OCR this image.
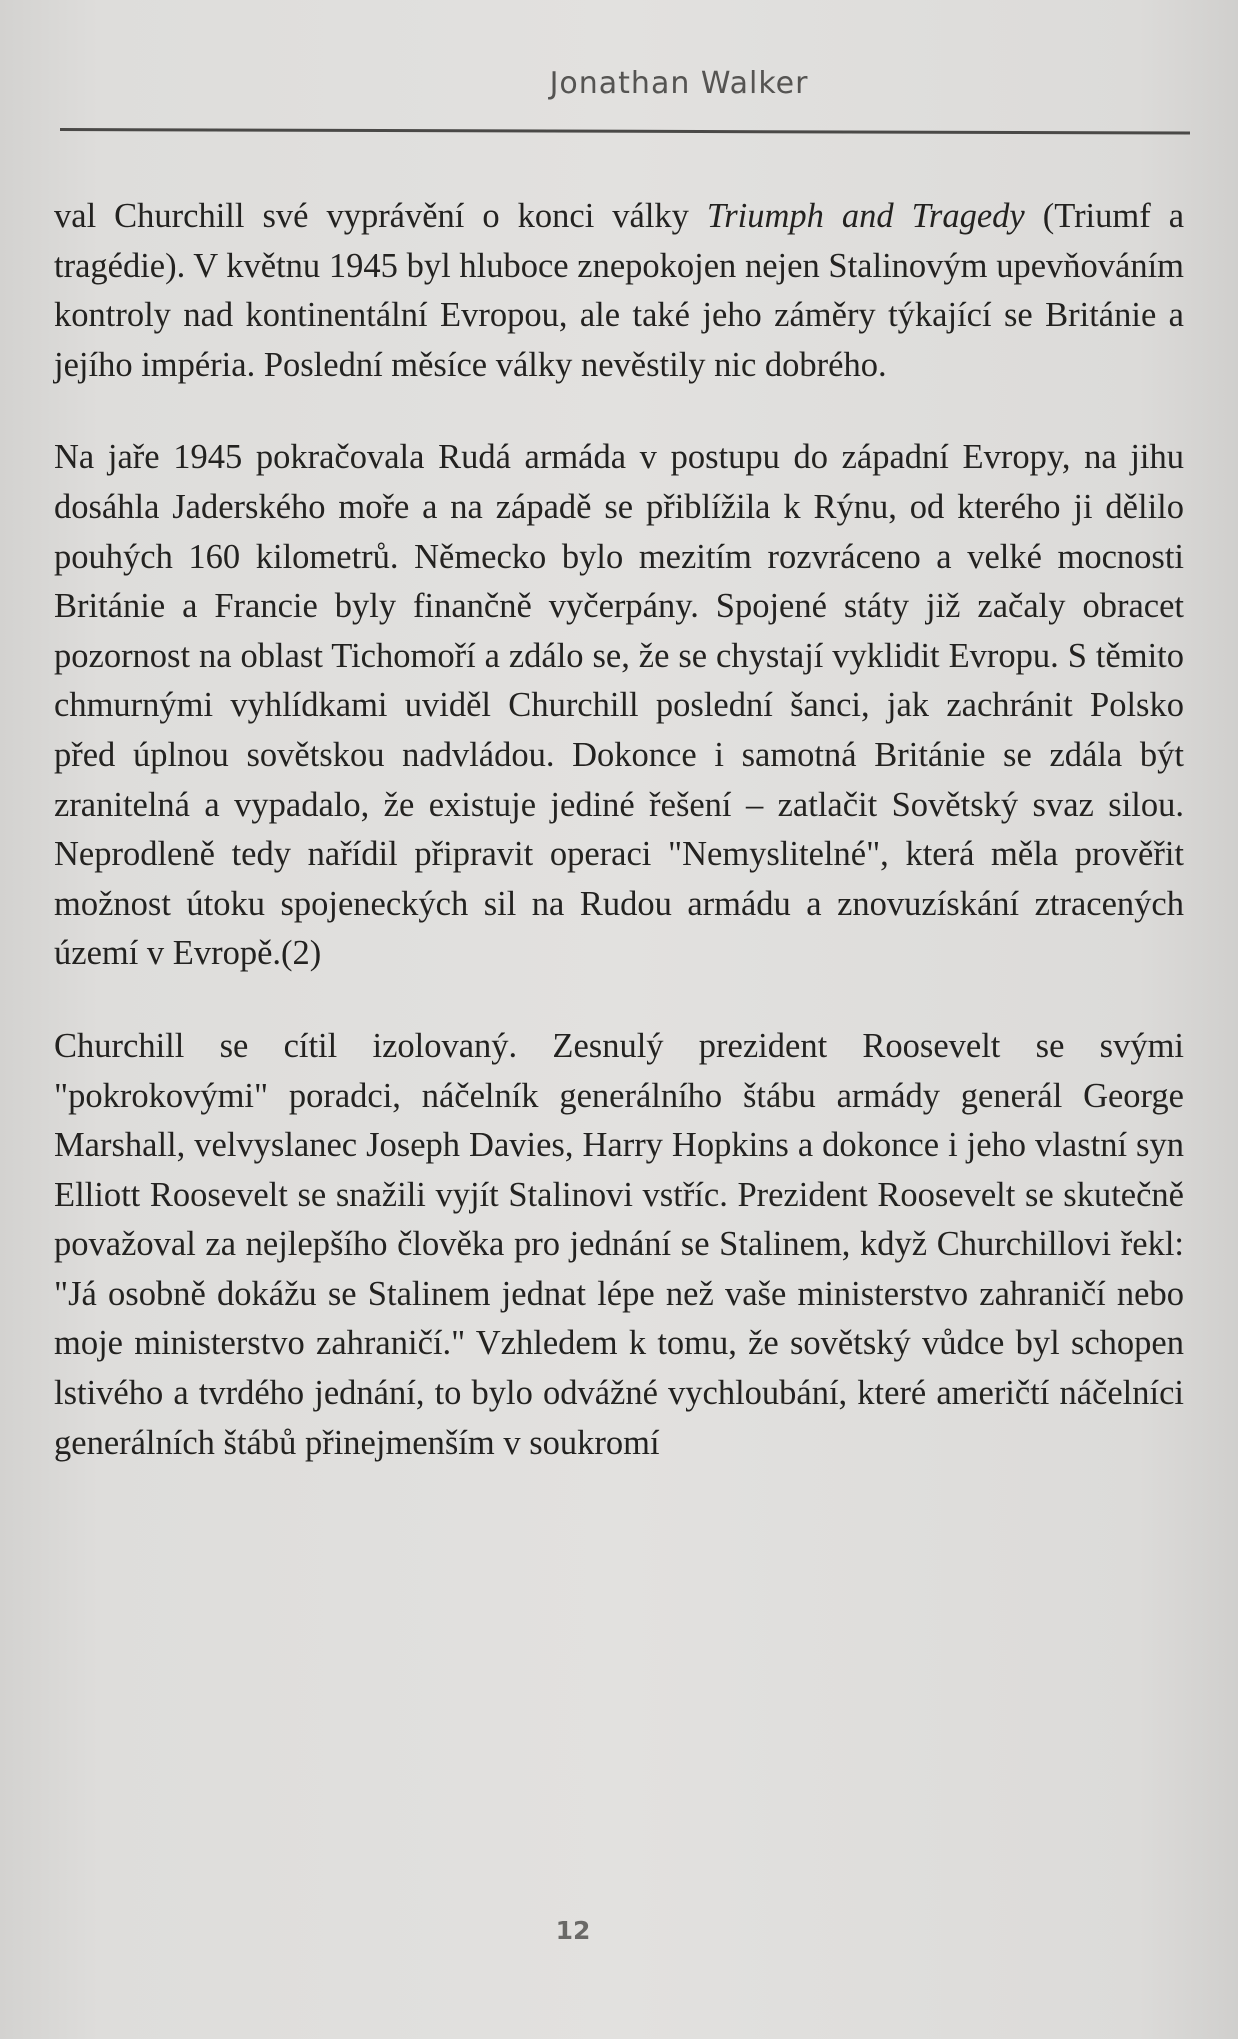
Jonathan Walker

val Churchill své vyprávění o konci války Triumph and Tragedy (Triumf a tragédie). V květnu 1945 byl hluboce znepokojen nejen Stalinovým upevňováním kontroly nad kontinentální Evropou, ale také jeho záměry týkající se Británie a jejího impéria. Poslední měsíce války nevěstily nic dobrého.

Na jaře 1945 pokračovala Rudá armáda v postupu do západní Evropy, na jihu dosáhla Jaderského moře a na západě se přiblížila k Rýnu, od kterého ji dělilo pouhých 160 kilometrů. Německo bylo mezitím rozvráceno a velké mocnosti Británie a Francie byly finančně vyčerpány. Spojené státy již začaly obracet pozornost na oblast Tichomoří a zdálo se, že se chystají vyklidit Evropu. S těmito chmurnými vyhlídkami uviděl Churchill poslední šanci, jak zachránit Polsko před úplnou sovětskou nadvládou. Dokonce i samotná Británie se zdála být zranitelná a vypadalo, že existuje jediné řešení – zatlačit Sovětský svaz silou. Neprodleně tedy nařídil připravit operaci "Nemyslitelné", která měla prověřit možnost útoku spojeneckých sil na Rudou armádu a znovuzískání ztracených území v Evropě.(2)

Churchill se cítil izolovaný. Zesnulý prezident Roosevelt se svými "pokrokovými" poradci, náčelník generálního štábu armády generál George Marshall, velvyslanec Joseph Davies, Harry Hopkins a dokonce i jeho vlastní syn Elliott Roosevelt se snažili vyjít Stalinovi vstříc. Prezident Roosevelt se skutečně považoval za nejlepšího člověka pro jednání se Stalinem, když Churchillovi řekl: "Já osobně dokážu se Stalinem jednat lépe než vaše ministerstvo zahraničí nebo moje ministerstvo zahraničí." Vzhledem k tomu, že sovětský vůdce byl schopen lstivého a tvrdého jednání, to bylo odvážné vychloubání, které američtí náčelníci generálních štábů přinejmenším v soukromí

12
